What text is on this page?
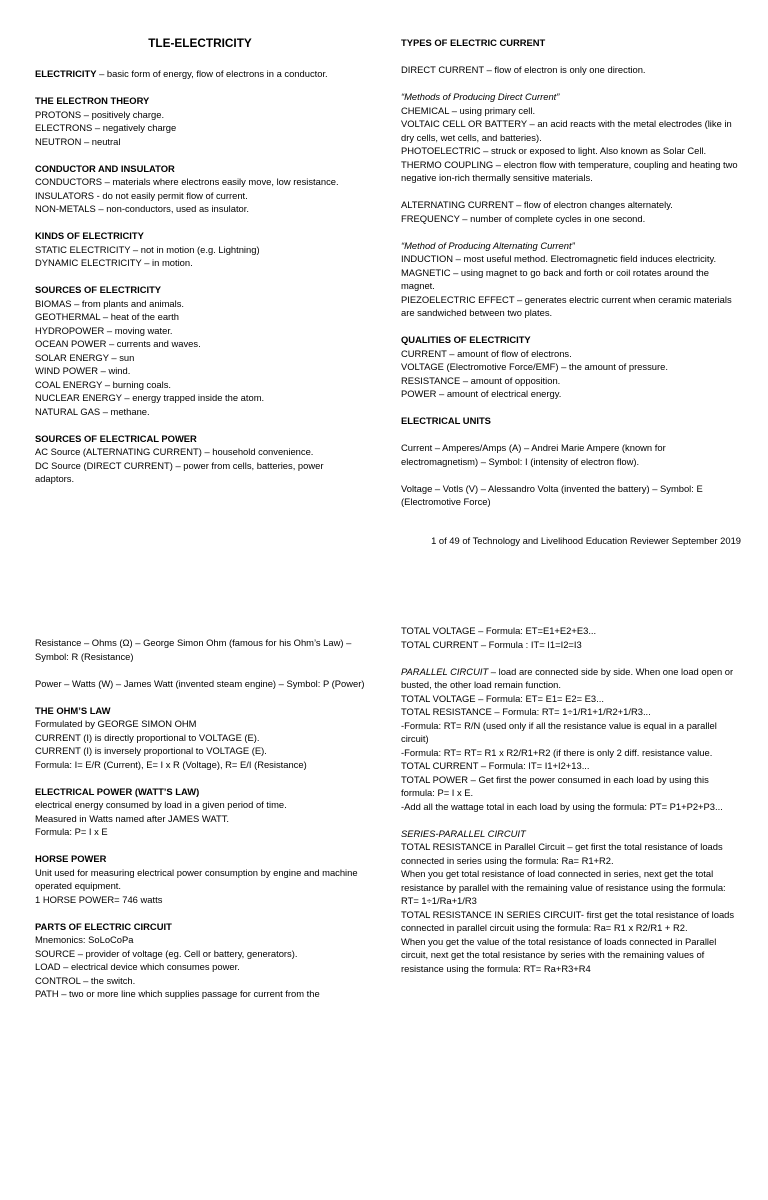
TLE-ELECTRICITY

ELECTRICITY – basic form of energy, flow of electrons in a conductor.

THE ELECTRON THEORY

PROTONS – positively charge.

ELECTRONS – negatively charge

NEUTRON – neutral

CONDUCTOR AND INSULATOR

CONDUCTORS – materials where electrons easily move, low resistance.

INSULATORS - do not easily permit flow of current.

NON-METALS – non-conductors, used as insulator.

KINDS OF ELECTRICITY

STATIC ELECTRICITY – not in motion (e.g. Lightning)

DYNAMIC ELECTRICITY – in motion.

SOURCES OF ELECTRICITY

BIOMAS – from plants and animals.

GEOTHERMAL – heat of the earth

HYDROPOWER – moving water.

OCEAN POWER – currents and waves.

SOLAR ENERGY – sun

WIND POWER – wind.

COAL ENERGY – burning coals.

NUCLEAR ENERGY – energy trapped inside the atom.

NATURAL GAS – methane.

SOURCES OF ELECTRICAL POWER

AC Source (ALTERNATING CURRENT) – household convenience.

DC Source (DIRECT CURRENT) – power from cells, batteries, power adaptors.

TYPES OF ELECTRIC CURRENT

DIRECT CURRENT – flow of electron is only one direction.

“Methods of Producing Direct Current”

CHEMICAL – using primary cell.

VOLTAIC CELL OR BATTERY – an acid reacts with the metal electrodes (like in dry cells, wet cells, and batteries).

PHOTOELECTRIC – struck or exposed to light. Also known as Solar Cell.

THERMO COUPLING – electron flow with temperature, coupling and heating two negative ion-rich thermally sensitive materials.

ALTERNATING CURRENT – flow of electron changes alternately.

FREQUENCY – number of complete cycles in one second.

“Method of Producing Alternating Current”

INDUCTION – most useful method. Electromagnetic field induces electricity.

MAGNETIC – using magnet to go back and forth or coil rotates around the magnet.

PIEZOELECTRIC EFFECT – generates electric current when ceramic materials are sandwiched between two plates.

QUALITIES OF ELECTRICITY

CURRENT – amount of flow of electrons.

VOLTAGE (Electromotive Force/EMF) – the amount of pressure.

RESISTANCE – amount of opposition.

POWER – amount of electrical energy.

ELECTRICAL UNITS

Current – Amperes/Amps (A) – Andrei Marie Ampere (known for electromagnetism) – Symbol: I (intensity of electron flow).

Voltage – Votls (V) – Alessandro Volta (invented the battery) – Symbol: E (Electromotive Force)

1 of 49 of Technology and Livelihood Education Reviewer September 2019

Resistance – Ohms (Ω) – George Simon Ohm (famous for his Ohm’s Law) – Symbol: R (Resistance)

Power – Watts (W) – James Watt (invented steam engine) – Symbol: P (Power)

THE OHM’S LAW

Formulated by GEORGE SIMON OHM

CURRENT (I) is directly proportional to VOLTAGE (E).

CURRENT (I) is inversely proportional to VOLTAGE (E).

Formula: I= E/R (Current), E= I x R (Voltage), R= E/I (Resistance)

ELECTRICAL POWER (WATT’S LAW)

electrical energy consumed by load in a given period of time.

Measured in Watts named after JAMES WATT.

Formula: P= I x E

HORSE POWER

Unit used for measuring electrical power consumption by engine and machine operated equipment.

1 HORSE POWER= 746 watts

PARTS OF ELECTRIC CIRCUIT

Mnemonics: SoLoCoPa

SOURCE – provider of voltage (eg. Cell or battery, generators).

LOAD – electrical device which consumes power.

CONTROL – the switch.

PATH – two or more line which supplies passage for current from the

TOTAL VOLTAGE – Formula: ET=E1+E2+E3...

TOTAL CURRENT – Formula : IT= I1=I2=I3

PARALLEL CIRCUIT – load are connected side by side. When one load open or busted, the other load remain function.

TOTAL VOLTAGE – Formula: ET= E1= E2= E3...

TOTAL RESISTANCE – Formula: RT= 1÷1/R1+1/R2+1/R3...

-Formula: RT= R/N (used only if all the resistance value is equal in a parallel circuit)

-Formula: RT= RT= R1 x R2/R1+R2 (if there is only 2 diff. resistance value.

TOTAL CURRENT – Formula: IT= I1+I2+13...

TOTAL POWER – Get first the power consumed in each load by using this formula: P= I x E.

-Add all the wattage total in each load by using the formula: PT= P1+P2+P3...

SERIES-PARALLEL CIRCUIT

TOTAL RESISTANCE in Parallel Circuit – get first the total resistance of loads connected in series using the formula: Ra= R1+R2.

When you get total resistance of load connected in series, next get the total resistance by parallel with the remaining value of resistance using the formula: RT= 1÷1/Ra+1/R3

TOTAL RESISTANCE IN SERIES CIRCUIT- first get the total resistance of loads connected in parallel circuit using the formula: Ra= R1 x R2/R1 + R2.

When you get the value of the total resistance of loads connected in Parallel circuit, next get the total resistance by series with the remaining values of resistance using the formula: RT= Ra+R3+R4
